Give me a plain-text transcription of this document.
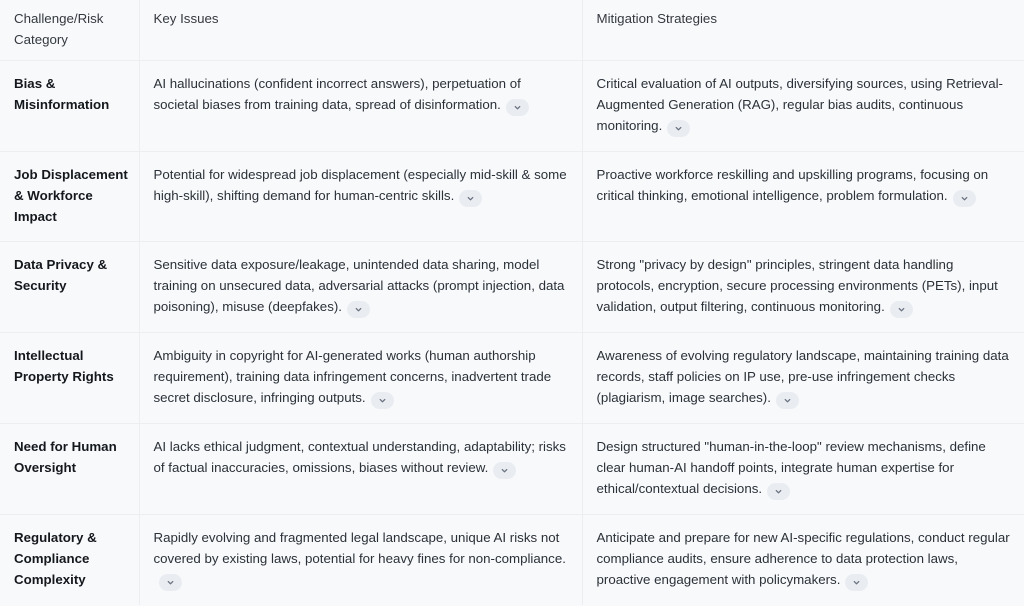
Challenge/Risk Category	Key Issues	Mitigation Strategies
Bias & Misinformation	AI hallucinations (confident incorrect answers), perpetuation of societal biases from training data, spread of disinformation.	Critical evaluation of AI outputs, diversifying sources, using Retrieval-Augmented Generation (RAG), regular bias audits, continuous monitoring.

Job Displacement & Workforce Impact	Potential for widespread job displacement (especially mid-skill & some high-skill), shifting demand for human-centric skills.	Proactive workforce reskilling and upskilling programs, focusing on critical thinking, emotional intelligence, problem formulation.

Data Privacy & Security	Sensitive data exposure/leakage, unintended data sharing, model training on unsecured data, adversarial attacks (prompt injection, data poisoning), misuse (deepfakes).	Strong "privacy by design" principles, stringent data handling protocols, encryption, secure processing environments (PETs), input validation, output filtering, continuous monitoring.

Intellectual Property Rights	Ambiguity in copyright for AI-generated works (human authorship requirement), training data infringement concerns, inadvertent trade secret disclosure, infringing outputs.	Awareness of evolving regulatory landscape, maintaining training data records, staff policies on IP use, pre-use infringement checks (plagiarism, image searches).

Need for Human Oversight	AI lacks ethical judgment, contextual understanding, adaptability; risks of factual inaccuracies, omissions, biases without review.	Design structured "human-in-the-loop" review mechanisms, define clear human-AI handoff points, integrate human expertise for ethical/contextual decisions.

Regulatory & Compliance Complexity	Rapidly evolving and fragmented legal landscape, unique AI risks not covered by existing laws, potential for heavy fines for non-compliance.	Anticipate and prepare for new AI-specific regulations, conduct regular compliance audits, ensure adherence to data protection laws, proactive engagement with policymakers.
